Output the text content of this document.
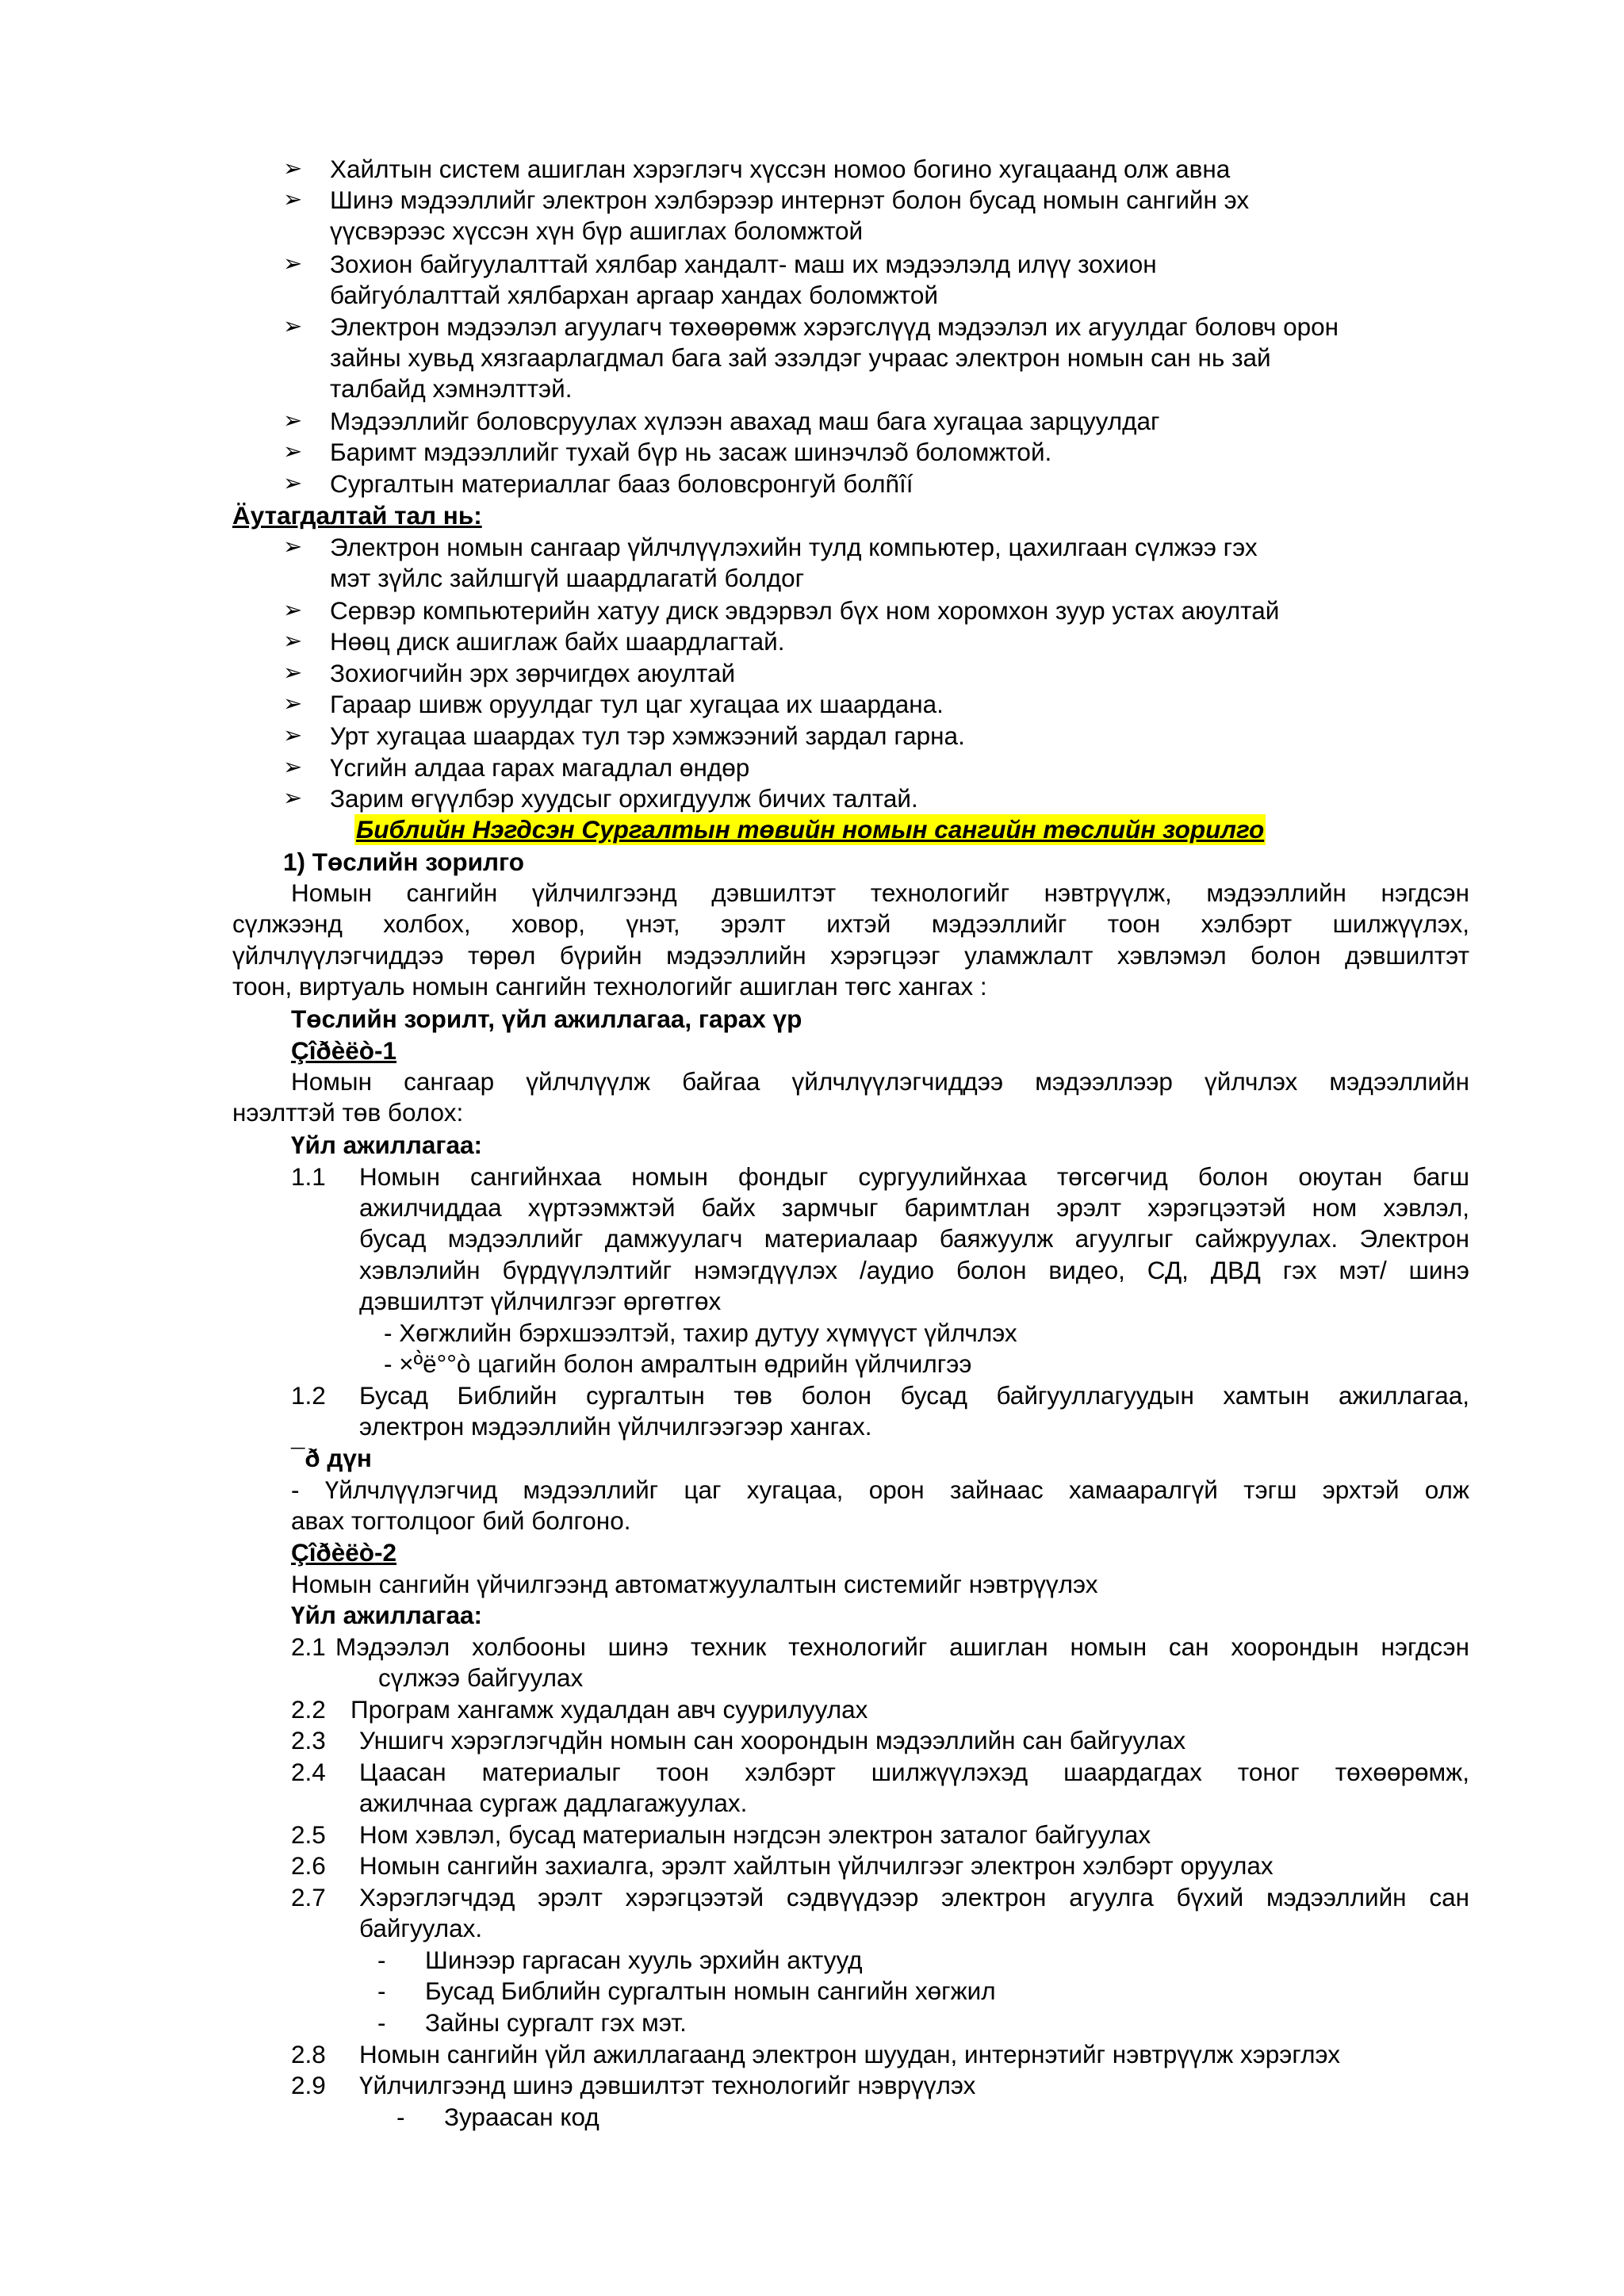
➢ Хайлтын систем ашиглан хэрэглэгч хүссэн номоо богино хугацаанд олж авна
➢ Шинэ мэдээллийг электрон хэлбэрээр интернэт болон бусад номын сангийн эх
үүсвэрээс хүссэн хүн бүр ашиглах боломжтой
➢ Зохион байгуулалттай хялбар хандалт- маш их мэдээлэлд илүү зохион
байгуóлалттай хялбархан аргаар хандах боломжтой
➢ Электрон мэдээлэл агуулагч төхөөрөмж хэрэгслүүд мэдээлэл их агуулдаг боловч орон
зайны хувьд хязгаарлагдмал бага зай эзэлдэг учраас электрон номын сан нь зай
талбайд хэмнэлттэй.
➢ Мэдээллийг боловсруулах хүлээн авахад маш бага хугацаа зарцуулдаг
➢ Баримт мэдээллийг тухай бүр нь засаж шинэчлэõ боломжтой.
➢ Сургалтын материаллаг бааз боловсронгуй болñîí
Äутагдалтай тал нь:
➢ Электрон номын сангаар үйлчлүүлэхийн тулд компьютер, цахилгаан сүлжээ гэх
мэт зүйлс зайлшгүй шаардлагатй болдог
➢ Сервэр компьютерийн хатуу диск эвдэрвэл бүх ном хоромхон зуур устах аюултай
➢ Нөөц диск ашиглаж байх шаардлагтай.
➢ Зохиогчийн эрх зөрчигдөх аюултай
➢ Гараар шивж оруулдаг тул цаг хугацаа их шаардана.
➢ Урт хугацаа шаардах тул тэр хэмжээний зардал гарна.
➢ Үсгийн алдаа гарах магадлал өндөр
➢ Зарим өгүүлбэр хуудсыг орхигдуулж бичих талтай.
Библийн Нэгдсэн Сургалтын төвийн номын сангийн төслийн зорилго
1) Төслийн зорилго
Номын сангийн үйлчилгээнд дэвшилтэт технологийг нэвтрүүлж, мэдээллийн нэгдсэн
сүлжээнд холбох, ховор, үнэт, эрэлт ихтэй мэдээллийг тоон хэлбэрт шилжүүлэх,
үйлчлүүлэгчиддээ төрөл бүрийн мэдээллийн хэрэгцээг уламжлалт хэвлэмэл болон дэвшилтэт
тоон, виртуаль номын сангийн технологийг ашиглан төгс хангах :
Төслийн зорилт, үйл ажиллагаа, гарах үр
Çîðèëò-1
Номын сангаар үйлчлүүлж байгаа үйлчлүүлэгчиддээ мэдээллээр үйлчлэх мэдээллийн
нээлттэй төв болох:
Үйл ажиллагаа:
1.1 Номын сангийнхаа номын фондыг сургуулийнхаа төгсөгчид болон оюутан багш
ажилчиддаа хүртээмжтэй байх зармчыг баримтлан эрэлт хэрэгцээтэй ном хэвлэл,
бусад мэдээллийг дамжуулагч материалаар баяжуулж агуулгыг сайжруулах. Электрон
хэвлэлийн бүрдүүлэлтийг нэмэгдүүлэх /аудио болон видео, СД, ДВД гэх мэт/ шинэ
дэвшилтэт үйлчилгээг өргөтгөх
- Хөгжлийн бэрхшээлтэй, тахир дутуу хүмүүст үйлчлэх
- ×º̀ë°°ò цагийн болон амралтын өдрийн үйлчилгээ
1.2 Бусад Библийн сургалтын төв болон бусад байгууллагуудын хамтын ажиллагаа,
электрон мэдээллийн үйлчилгээгээр хангах.
¯ð дүн
- Үйлчлүүлэгчид мэдээллийг цаг хугацаа, орон зайнаас хамааралгүй тэгш эрхтэй олж
авах тогтолцоог бий болгоно.
Çîðèëò-2
Номын сангийн үйчилгээнд автоматжуулалтын системийг нэвтрүүлэх
Үйл ажиллагаа:
2.1 Мэдээлэл холбооны шинэ техник технологийг ашиглан номын сан хоорондын нэгдсэн
сүлжээ байгуулах
2.2 Програм хангамж худалдан авч суурилуулах
2.3 Уншигч хэрэглэгчдйн номын сан хоорондын мэдээллийн сан байгуулах
2.4 Цаасан материалыг тоон хэлбэрт шилжүүлэхэд шаардагдах тоног төхөөрөмж,
ажилчнаа сургаж дадлагажуулах.
2.5 Ном хэвлэл, бусад материалын нэгдсэн электрон заталог байгуулах
2.6 Номын сангийн захиалга, эрэлт хайлтын үйлчилгээг электрон хэлбэрт оруулах
2.7 Хэрэглэгчдэд эрэлт хэрэгцээтэй сэдвүүдээр электрон агуулга бүхий мэдээллийн сан
байгуулах.
- Шинээр гаргасан хууль эрхийн актууд
- Бусад Библийн сургалтын номын сангийн хөгжил
- Зайны сургалт гэх мэт.
2.8 Номын сангийн үйл ажиллагаанд электрон шуудан, интернэтийг нэвтрүүлж хэрэглэх
2.9 Үйлчилгээнд шинэ дэвшилтэт технологийг нэврүүлэх
- Зураасан код
